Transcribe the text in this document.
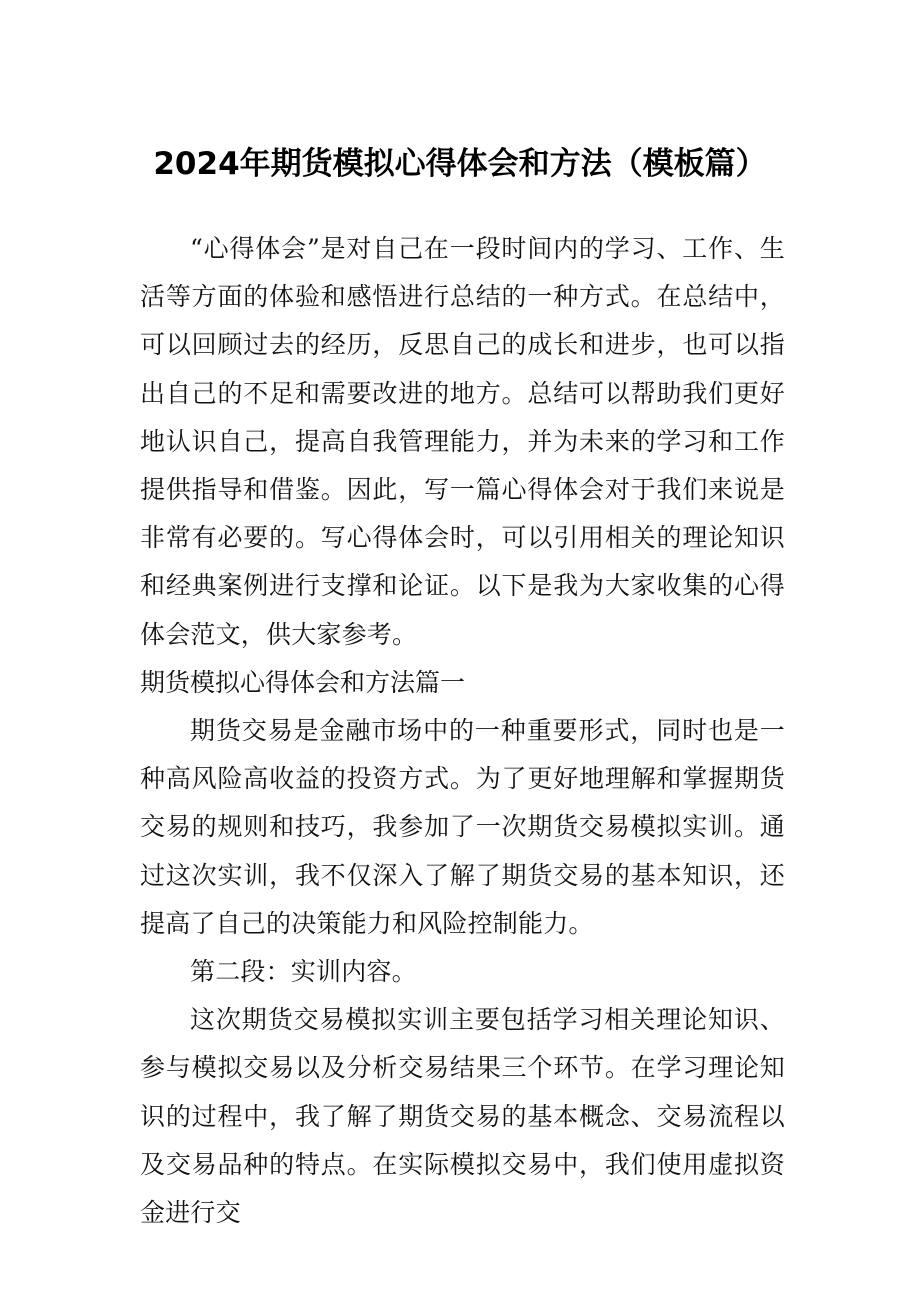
2024年期货模拟心得体会和方法（模板篇）

“心得体会”是对自己在一段时间内的学习、工作、生活等方面的体验和感悟进行总结的一种方式。在总结中，可以回顾过去的经历，反思自己的成长和进步，也可以指出自己的不足和需要改进的地方。总结可以帮助我们更好地认识自己，提高自我管理能力，并为未来的学习和工作提供指导和借鉴。因此，写一篇心得体会对于我们来说是非常有必要的。写心得体会时，可以引用相关的理论知识和经典案例进行支撑和论证。以下是我为大家收集的心得体会范文，供大家参考。

期货模拟心得体会和方法篇一

期货交易是金融市场中的一种重要形式，同时也是一种高风险高收益的投资方式。为了更好地理解和掌握期货交易的规则和技巧，我参加了一次期货交易模拟实训。通过这次实训，我不仅深入了解了期货交易的基本知识，还提高了自己的决策能力和风险控制能力。

第二段：实训内容。

这次期货交易模拟实训主要包括学习相关理论知识、参与模拟交易以及分析交易结果三个环节。在学习理论知识的过程中，我了解了期货交易的基本概念、交易流程以及交易品种的特点。在实际模拟交易中，我们使用虚拟资金进行交
